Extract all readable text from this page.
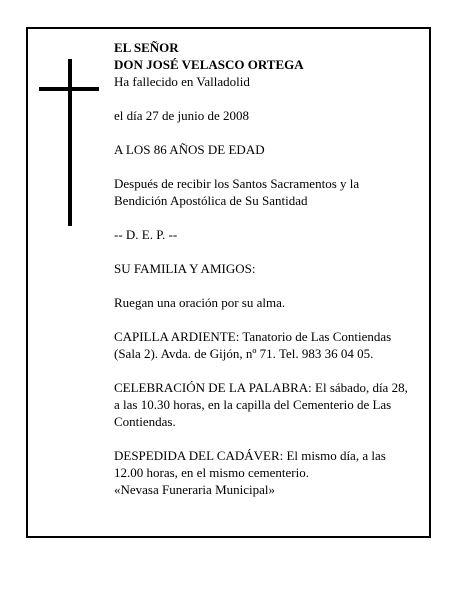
EL SEÑOR

DON JOSÉ VELASCO ORTEGA

Ha fallecido en Valladolid

el día 27 de junio de 2008

A LOS 86 AÑOS DE EDAD

Después de recibir los Santos Sacramentos y la Bendición Apostólica de Su Santidad

-- D. E. P. --

SU FAMILIA Y AMIGOS:

Ruegan una oración por su alma.

CAPILLA ARDIENTE: Tanatorio de Las Contiendas (Sala 2). Avda. de Gijón, nº 71. Tel. 983 36 04 05.

CELEBRACIÓN DE LA PALABRA: El sábado, día 28, a las 10.30 horas, en la capilla del Cementerio de Las Contiendas.

DESPEDIDA DEL CADÁVER: El mismo día, a las 12.00 horas, en el mismo cementerio.

«Nevasa Funeraria Municipal»
